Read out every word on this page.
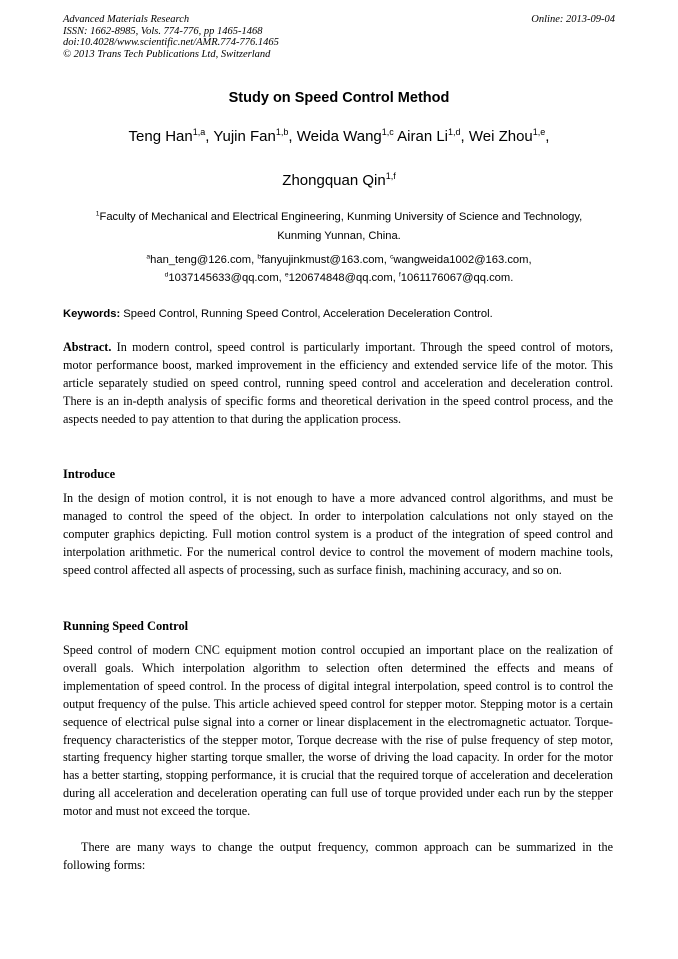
Advanced Materials Research
ISSN: 1662-8985, Vols. 774-776, pp 1465-1468
doi:10.4028/www.scientific.net/AMR.774-776.1465
© 2013 Trans Tech Publications Ltd, Switzerland
Online: 2013-09-04
Study on Speed Control Method
Teng Han$^{1,a}$, Yujin Fan$^{1,b}$, Weida Wang$^{1,c}$ Airan Li$^{1,d}$, Wei Zhou$^{1,e}$,
Zhongquan Qin$^{1,f}$
$^1$Faculty of Mechanical and Electrical Engineering, Kunming University of Science and Technology,
Kunming Yunnan, China.
$^a$han_teng@126.com, $^b$fanyujinkmust@163.com, $^c$wangweida1002@163.com,
$^d$1037145633@qq.com, $^e$120674848@qq.com, $^f$1061176067@qq.com.
Keywords: Speed Control, Running Speed Control, Acceleration Deceleration Control.

Abstract. In modern control, speed control is particularly important. Through the speed control of motors, motor performance boost, marked improvement in the efficiency and extended service life of the motor. This article separately studied on speed control, running speed control and acceleration and deceleration control. There is an in-depth analysis of specific forms and theoretical derivation in the speed control process, and the aspects needed to pay attention to that during the application process.

Introduce

In the design of motion control, it is not enough to have a more advanced control algorithms, and must be managed to control the speed of the object. In order to interpolation calculations not only stayed on the computer graphics depicting. Full motion control system is a product of the integration of speed control and interpolation arithmetic. For the numerical control device to control the movement of modern machine tools, speed control affected all aspects of processing, such as surface finish, machining accuracy, and so on.

Running Speed Control

Speed control of modern CNC equipment motion control occupied an important place on the realization of overall goals. Which interpolation algorithm to selection often determined the effects and means of implementation of speed control. In the process of digital integral interpolation, speed control is to control the output frequency of the pulse. This article achieved speed control for stepper motor. Stepping motor is a certain sequence of electrical pulse signal into a corner or linear displacement in the electromagnetic actuator. Torque-frequency characteristics of the stepper motor, Torque decrease with the rise of pulse frequency of step motor, starting frequency higher starting torque smaller, the worse of driving the load capacity. In order for the motor has a better starting, stopping performance, it is crucial that the required torque of acceleration and deceleration during all acceleration and deceleration operating can full use of torque provided under each run by the stepper motor and must not exceed the torque.

There are many ways to change the output frequency, common approach can be summarized in the following forms:
